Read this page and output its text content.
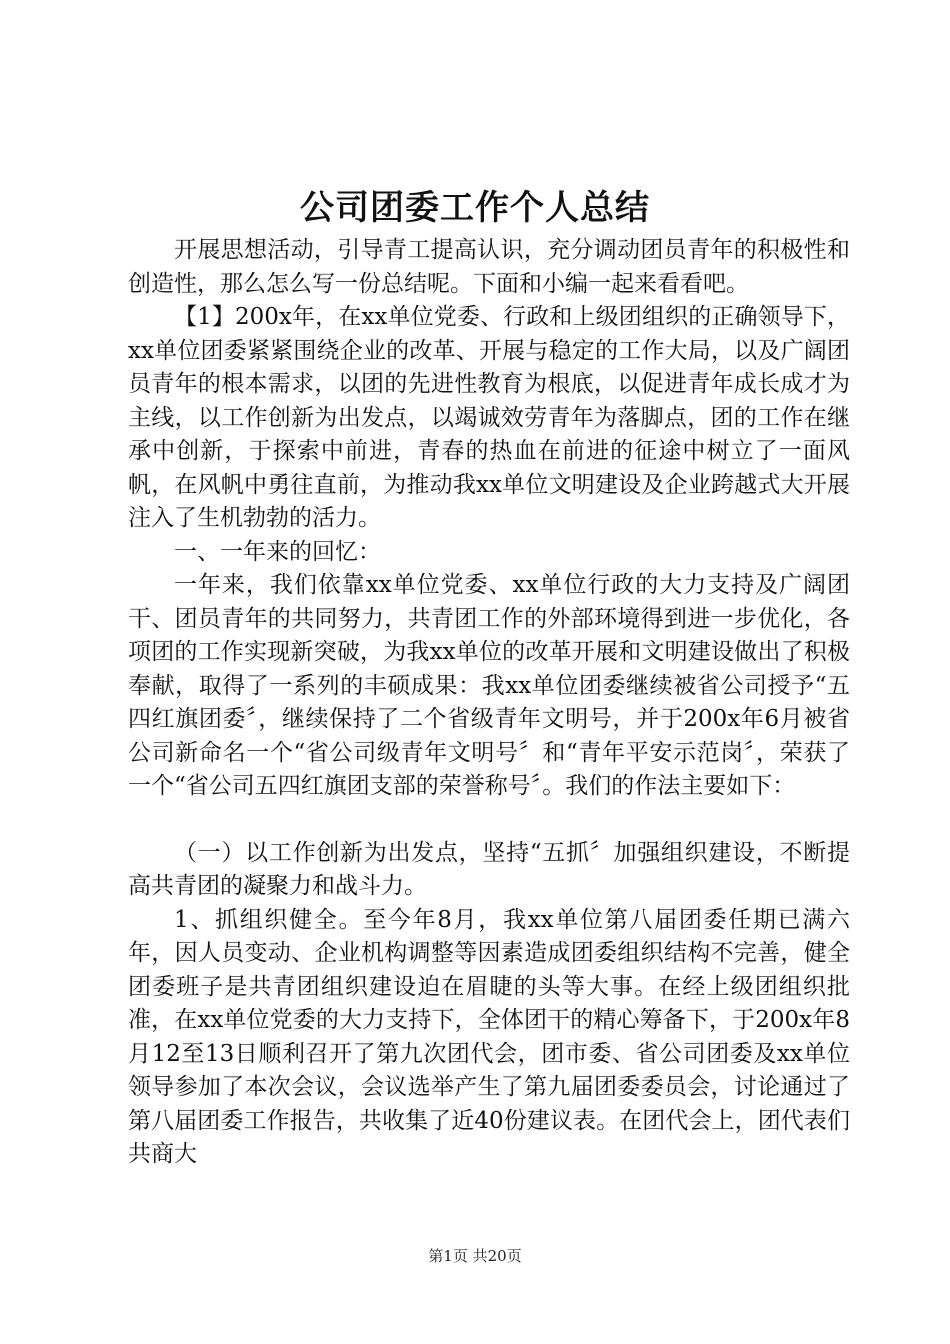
公司团委工作个人总结

开展思想活动，引导青工提高认识，充分调动团员青年的积极性和创造性，那么怎么写一份总结呢。下面和小编一起来看看吧。

【1】200x年，在xx单位党委、行政和上级团组织的正确领导下，xx单位团委紧紧围绕企业的改革、开展与稳定的工作大局，以及广阔团员青年的根本需求，以团的先进性教育为根底，以促进青年成长成才为主线，以工作创新为出发点，以竭诚效劳青年为落脚点，团的工作在继承中创新，于探索中前进，青春的热血在前进的征途中树立了一面风帆，在风帆中勇往直前，为推动我xx单位文明建设及企业跨越式大开展注入了生机勃勃的活力。

一、一年来的回忆：

一年来，我们依靠xx单位党委、xx单位行政的大力支持及广阔团干、团员青年的共同努力，共青团工作的外部环境得到进一步优化，各项团的工作实现新突破，为我xx单位的改革开展和文明建设做出了积极奉献，取得了一系列的丰硕成果：我xx单位团委继续被省公司授予“五四红旗团委〞，继续保持了二个省级青年文明号，并于200x年6月被省公司新命名一个“省公司级青年文明号〞和“青年平安示范岗〞，荣获了一个“省公司五四红旗团支部的荣誉称号〞。我们的作法主要如下：

（一）以工作创新为出发点，坚持“五抓〞加强组织建设，不断提高共青团的凝聚力和战斗力。

1、抓组织健全。至今年8月，我xx单位第八届团委任期已满六年，因人员变动、企业机构调整等因素造成团委组织结构不完善，健全团委班子是共青团组织建设迫在眉睫的头等大事。在经上级团组织批准，在xx单位党委的大力支持下，全体团干的精心筹备下，于200x年8月12至13日顺利召开了第九次团代会，团市委、省公司团委及xx单位领导参加了本次会议，会议选举产生了第九届团委委员会，讨论通过了第八届团委工作报告，共收集了近40份建议表。在团代会上，团代表们共商大

第1页 共20页
